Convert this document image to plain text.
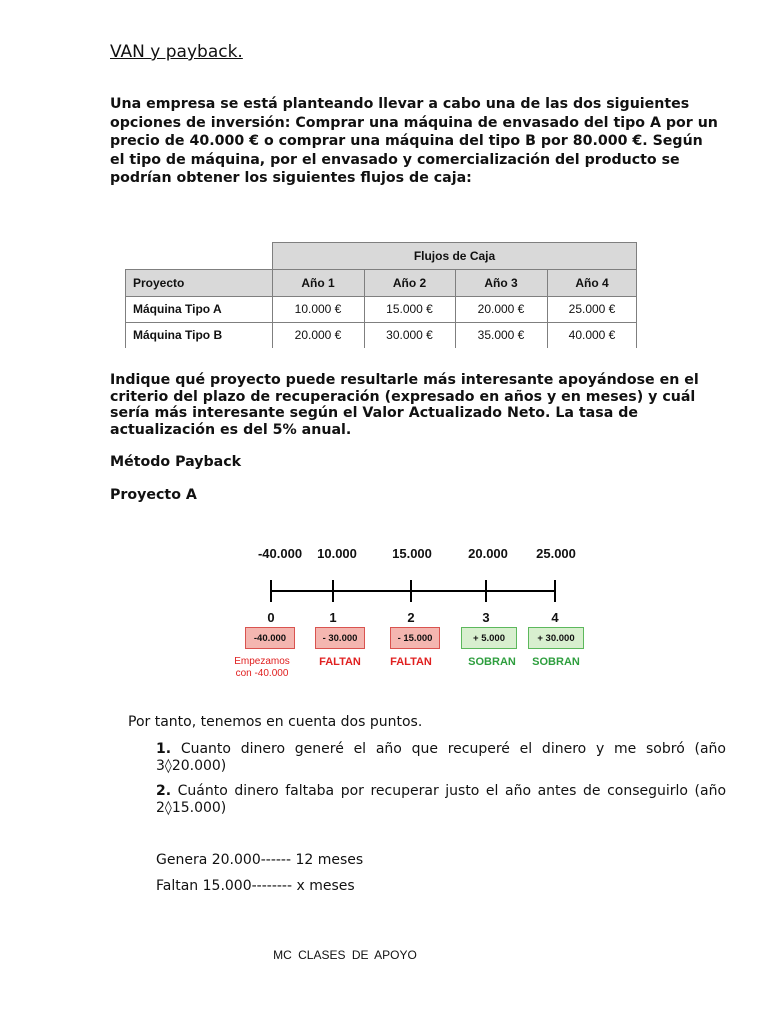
VAN y payback.
Una empresa se está planteando llevar a cabo una de las dos siguientes opciones de inversión: Comprar una máquina de envasado del tipo A por un precio de 40.000 € o comprar una máquina del tipo B por 80.000 €. Según el tipo de máquina, por el envasado y comercialización del producto se podrían obtener los siguientes flujos de caja:
Flujos de Caja
Proyecto	Año 1	Año 2	Año 3	Año 4
Máquina Tipo A	10.000 €	15.000 €	20.000 €	25.000 €
Máquina Tipo B	20.000 €	30.000 €	35.000 €	40.000 €
Indique qué proyecto puede resultarle más interesante apoyándose en el criterio del plazo de recuperación (expresado en años y en meses) y cuál sería más interesante según el Valor Actualizado Neto. La tasa de actualización es del 5% anual.
Método Payback
Proyecto A
-40.000 10.000	15.000	20.000 25.000
0	1	2	3	4
-40.000	- 30.000	- 15.000	+ 5.000	+ 30.000
Empezamos con -40.000
FALTAN	FALTAN	SOBRAN SOBRAN
Por tanto, tenemos en cuenta dos puntos.
1. Cuanto dinero generé el año que recuperé el dinero y me sobró (año 3◊20.000)
2. Cuánto dinero faltaba por recuperar justo el año antes de conseguirlo (año 2◊15.000)
Genera 20.000------ 12 meses
Faltan 15.000-------- x meses
MC CLASES DE APOYO
